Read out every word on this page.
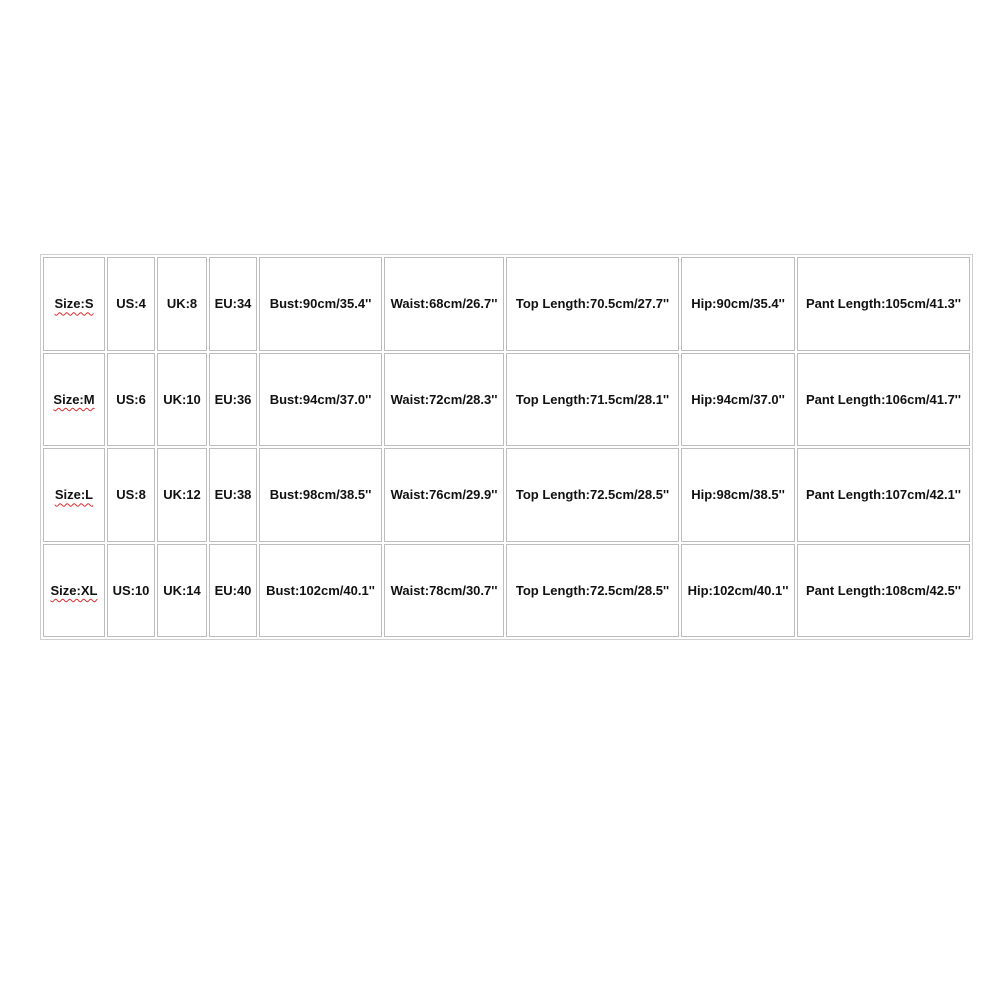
Size:S	US:4	UK:8	EU:34	Bust:90cm/35.4''	Waist:68cm/26.7''	Top Length:70.5cm/27.7''	Hip:90cm/35.4''	Pant Length:105cm/41.3''
Size:M	US:6	UK:10	EU:36	Bust:94cm/37.0''	Waist:72cm/28.3''	Top Length:71.5cm/28.1''	Hip:94cm/37.0''	Pant Length:106cm/41.7''
Size:L	US:8	UK:12	EU:38	Bust:98cm/38.5''	Waist:76cm/29.9''	Top Length:72.5cm/28.5''	Hip:98cm/38.5''	Pant Length:107cm/42.1''
Size:XL	US:10	UK:14	EU:40	Bust:102cm/40.1''	Waist:78cm/30.7''	Top Length:72.5cm/28.5''	Hip:102cm/40.1''	Pant Length:108cm/42.5''
